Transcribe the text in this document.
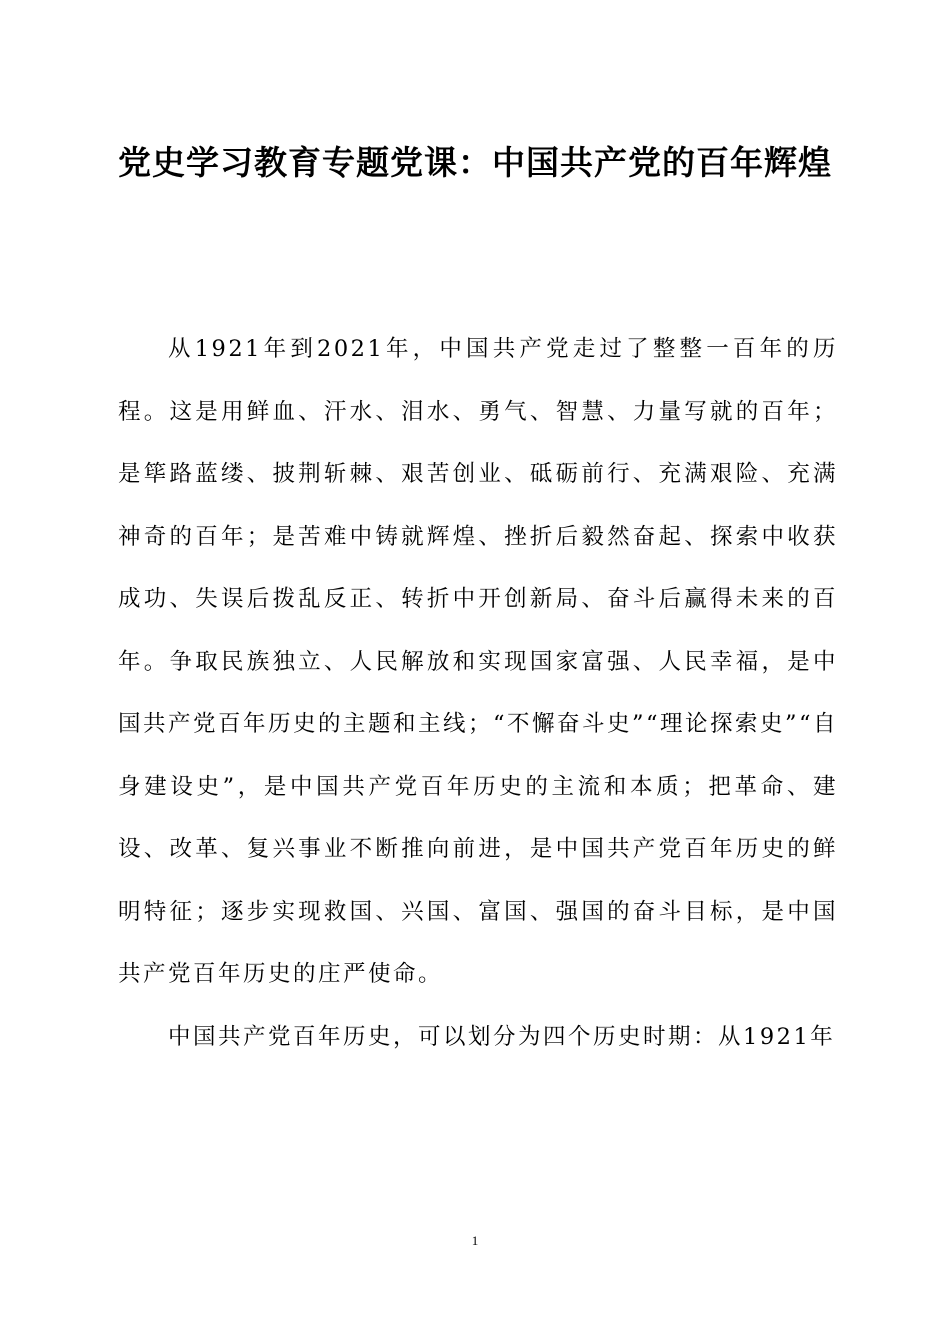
党史学习教育专题党课：中国共产党的百年辉煌

从1921年到2021年，中国共产党走过了整整一百年的历程。这是用鲜血、汗水、泪水、勇气、智慧、力量写就的百年；是筚路蓝缕、披荆斩棘、艰苦创业、砥砺前行、充满艰险、充满神奇的百年；是苦难中铸就辉煌、挫折后毅然奋起、探索中收获成功、失误后拨乱反正、转折中开创新局、奋斗后赢得未来的百年。争取民族独立、人民解放和实现国家富强、人民幸福，是中国共产党百年历史的主题和主线；“不懈奋斗史”“理论探索史”“自身建设史”，是中国共产党百年历史的主流和本质；把革命、建设、改革、复兴事业不断推向前进，是中国共产党百年历史的鲜明特征；逐步实现救国、兴国、富国、强国的奋斗目标，是中国共产党百年历史的庄严使命。

中国共产党百年历史，可以划分为四个历史时期：从1921年

1
